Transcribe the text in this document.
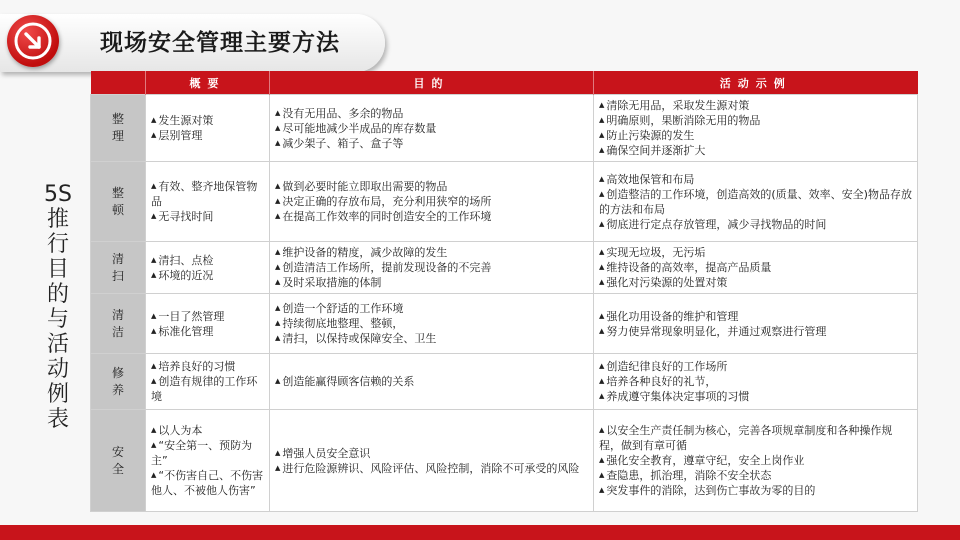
现场安全管理主要方法
5S
推
行
目
的
与
活
动
例
表
	概要	目的	活动示例

整
理	▲ 发生源对策
▲ 层别管理	▲ 没有无用品、多余的物品
▲ 尽可能地减少半成品的库存数量
▲ 减少架子、箱子、盒子等	▲ 清除无用品，采取发生源对策
▲ 明确原则，果断消除无用的物品
▲ 防止污染源的发生
▲ 确保空间并逐渐扩大

整
顿	▲ 有效、整齐地保管物品
▲ 无寻找时间	▲ 做到必要时能立即取出需要的物品
▲ 决定正确的存放布局，充分利用狭窄的场所
▲ 在提高工作效率的同时创造安全的工作环境	▲ 高效地保管和布局
▲ 创造整洁的工作环境，创造高效的(质量、效率、安全)物品存放的方法和布局
▲ 彻底进行定点存放管理，减少寻找物品的时间

清
扫	▲ 清扫、点检
▲ 环境的近况	▲ 维护设备的精度，减少故障的发生
▲ 创造清洁工作场所，提前发现设备的不完善
▲ 及时采取措施的体制	▲ 实现无垃圾，无污垢
▲ 维持设备的高效率，提高产品质量
▲ 强化对污染源的处置对策

清
洁	▲ 一目了然管理
▲ 标准化管理	▲ 创造一个舒适的工作环境
▲ 持续彻底地整理、整顿，
▲ 清扫，以保持或保障安全、卫生	▲ 强化功用设备的维护和管理
▲ 努力使异常现象明显化，并通过观察进行管理

修
养	▲ 培养良好的习惯
▲ 创造有规律的工作环境	▲ 创造能赢得顾客信赖的关系	▲ 创造纪律良好的工作场所
▲ 培养各种良好的礼节，
▲ 养成遵守集体决定事项的习惯

安
全	▲ 以人为本
▲ “安全第一、预防为主”
▲ “不伤害自己、不伤害他人、不被他人伤害”	▲ 增强人员安全意识
▲ 进行危险源辨识、风险评估、风险控制，消除不可承受的风险	▲ 以安全生产责任制为核心，完善各项规章制度和各种操作规程，做到有章可循
▲ 强化安全教育，遵章守纪，安全上岗作业
▲ 查隐患，抓治理，消除不安全状态
▲ 突发事件的消除，达到伤亡事故为零的目的
